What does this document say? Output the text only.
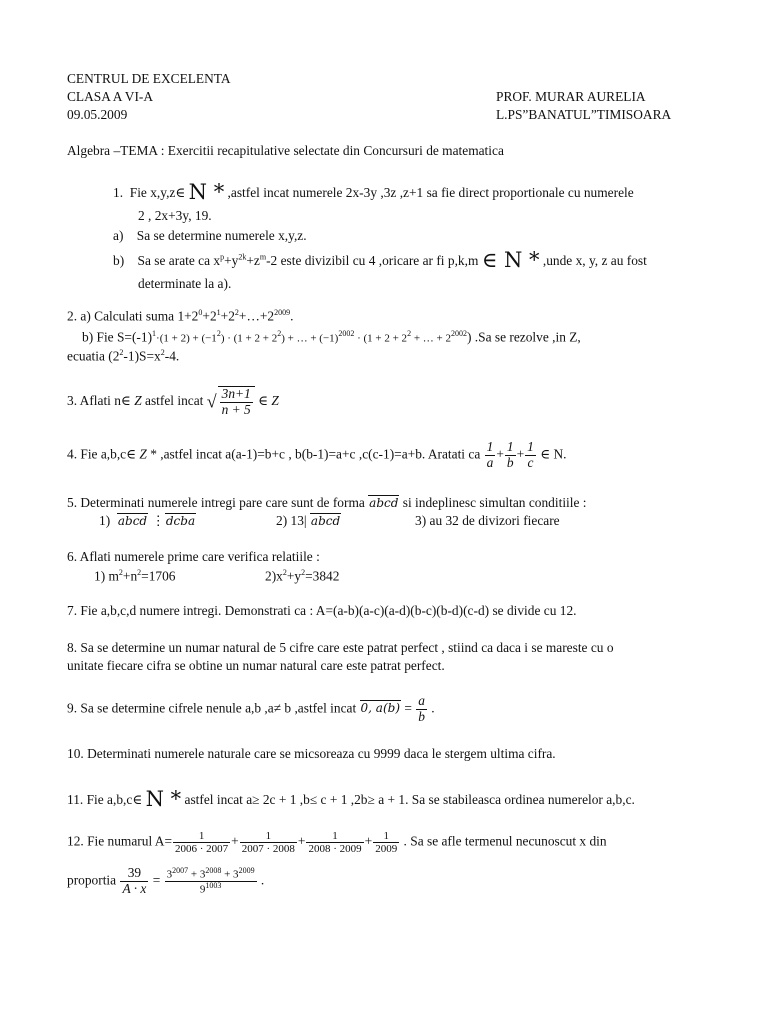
CENTRUL DE EXCELENTA
CLASA A VI-A
09.05.2009
PROF. MURAR AURELIA
L.PS”BANATUL”TIMISOARA
Algebra –TEMA : Exercitii recapitulative selectate din Concursuri de matematica
1. Fie x,y,z∈ N * ,astfel incat numerele 2x-3y ,3z ,z+1 sa fie direct proportionale cu numerele
2 , 2x+3y, 19.
a) Sa se determine numerele x,y,z.
b) Sa se arate ca $x^p+y^{2k}+z^m-2$ este divizibil cu 4 ,oricare ar fi p,k,m ∈ N * ,unde x, y, z au fost
determinate la a).
2. a) Calculati suma $1+2^0+2^1+2^2+\dots+2^{2009}$.
b) Fie $S=(-1)^1\cdot(1 + 2) + (-1^2) \cdot (1 + 2 + 2^2)$ + … + $(-1)^{2002} \cdot (1 + 2 + 2^2$ + … + $2^{2002}$) .Sa se rezolve ,in Z,
ecuatia $(2^2-1)S=x^2-4$.
3. Aflati n∈ Z astfel incat √ $\frac{3n+1}{n + 5}$ ∈ Z
4. Fie a,b,c∈ Z * ,astfel incat a(a-1)=b+c , b(b-1)=a+c ,c(c-1)=a+b. Aratati ca $\frac{1}{a} + \frac{1}{b} + \frac{1}{c}$ ∈ N.
5. Determinati numerele intregi pare care sunt de forma abcd si indeplinesc simultan conditiile :
1) abcd ⋮dcba	2) 13| abcd	3) au 32 de divizori fiecare
6. Aflati numerele prime care verifica relatiile :
1) $m^2+n^2=1706$	$2)x^2+y^2=3842$
7. Fie a,b,c,d numere intregi. Demonstrati ca : A=(a-b)(a-c)(a-d)(b-c)(b-d)(c-d) se divide cu 12.
8. Sa se determine un numar natural de 5 cifre care este patrat perfect , stiind ca daca i se mareste cu o
unitate fiecare cifra se obtine un numar natural care este patrat perfect.
9. Sa se determine cifrele nenule a,b ,a≠ b ,astfel incat 0, $a(b) = \frac{a}{b}$ .
10. Determinati numerele naturale care se micsoreaza cu 9999 daca le stergem ultima cifra.
11. Fie a,b,c∈ N * astfel incat a≥ 2c + 1 ,b≤ c + 1 ,2b≥ a + 1. Sa se stabileasca ordinea numerelor a,b,c.
12. Fie numarul $A= \frac{1}{2006 \cdot 2007} + \frac{1}{2007 \cdot 2008} + \frac{1}{2008 \cdot 2009} + \frac{1}{2009}$ . Sa se afle termenul necunoscut x din
proportia $\frac{39}{A \cdot x} = \frac{3^{2007} + 3^{2008} + 3^{2009}}{9^{1003}}$ .
